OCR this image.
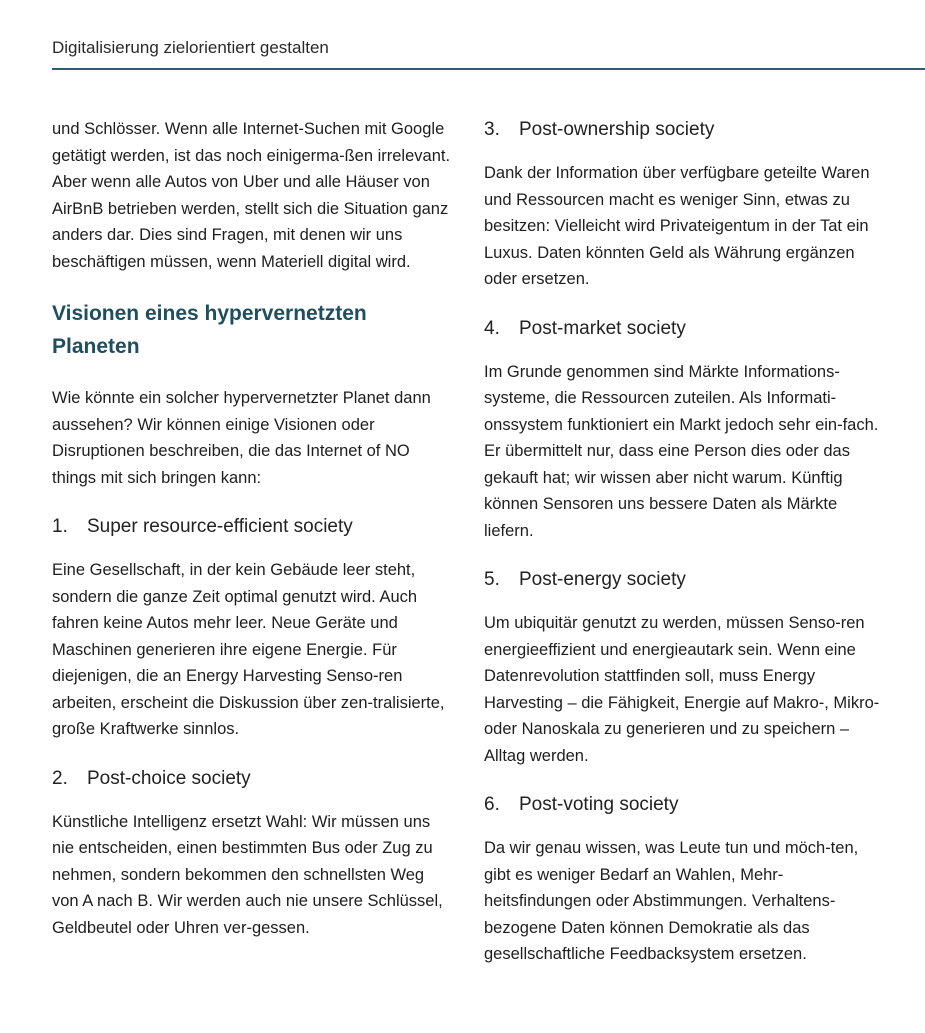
Digitalisierung zielorientiert gestalten

und Schlösser. Wenn alle Internet-Suchen mit Google getätigt werden, ist das noch einigerma-ßen irrelevant. Aber wenn alle Autos von Uber und alle Häuser von AirBnB betrieben werden, stellt sich die Situation ganz anders dar. Dies sind Fragen, mit denen wir uns beschäftigen müssen, wenn Materiell digital wird.

Visionen eines hypervernetzten Planeten

Wie könnte ein solcher hypervernetzter Planet dann aussehen? Wir können einige Visionen oder Disruptionen beschreiben, die das Internet of NO things mit sich bringen kann:

1.	Super resource-efficient society

Eine Gesellschaft, in der kein Gebäude leer steht, sondern die ganze Zeit optimal genutzt wird. Auch fahren keine Autos mehr leer. Neue Geräte und Maschinen generieren ihre eigene Energie. Für diejenigen, die an Energy Harvesting Senso-ren arbeiten, erscheint die Diskussion über zen-tralisierte, große Kraftwerke sinnlos.

2.	Post-choice society

Künstliche Intelligenz ersetzt Wahl: Wir müssen uns nie entscheiden, einen bestimmten Bus oder Zug zu nehmen, sondern bekommen den schnellsten Weg von A nach B. Wir werden auch nie unsere Schlüssel, Geldbeutel oder Uhren ver-gessen.

3.	Post-ownership society

Dank der Information über verfügbare geteilte Waren und Ressourcen macht es weniger Sinn, etwas zu besitzen: Vielleicht wird Privateigentum in der Tat ein Luxus. Daten könnten Geld als Währung ergänzen oder ersetzen.

4.	Post-market society

Im Grunde genommen sind Märkte Informations-systeme, die Ressourcen zuteilen. Als Informati-onssystem funktioniert ein Markt jedoch sehr ein-fach. Er übermittelt nur, dass eine Person dies oder das gekauft hat; wir wissen aber nicht warum. Künftig können Sensoren uns bessere Daten als Märkte liefern.

5.	Post-energy society

Um ubiquitär genutzt zu werden, müssen Senso-ren energieeffizient und energieautark sein. Wenn eine Datenrevolution stattfinden soll, muss Energy Harvesting – die Fähigkeit, Energie auf Makro-, Mikro- oder Nanoskala zu generieren und zu speichern – Alltag werden.

6.	Post-voting society

Da wir genau wissen, was Leute tun und möch-ten, gibt es weniger Bedarf an Wahlen, Mehr-heitsfindungen oder Abstimmungen. Verhaltens-bezogene Daten können Demokratie als das gesellschaftliche Feedbacksystem ersetzen.
